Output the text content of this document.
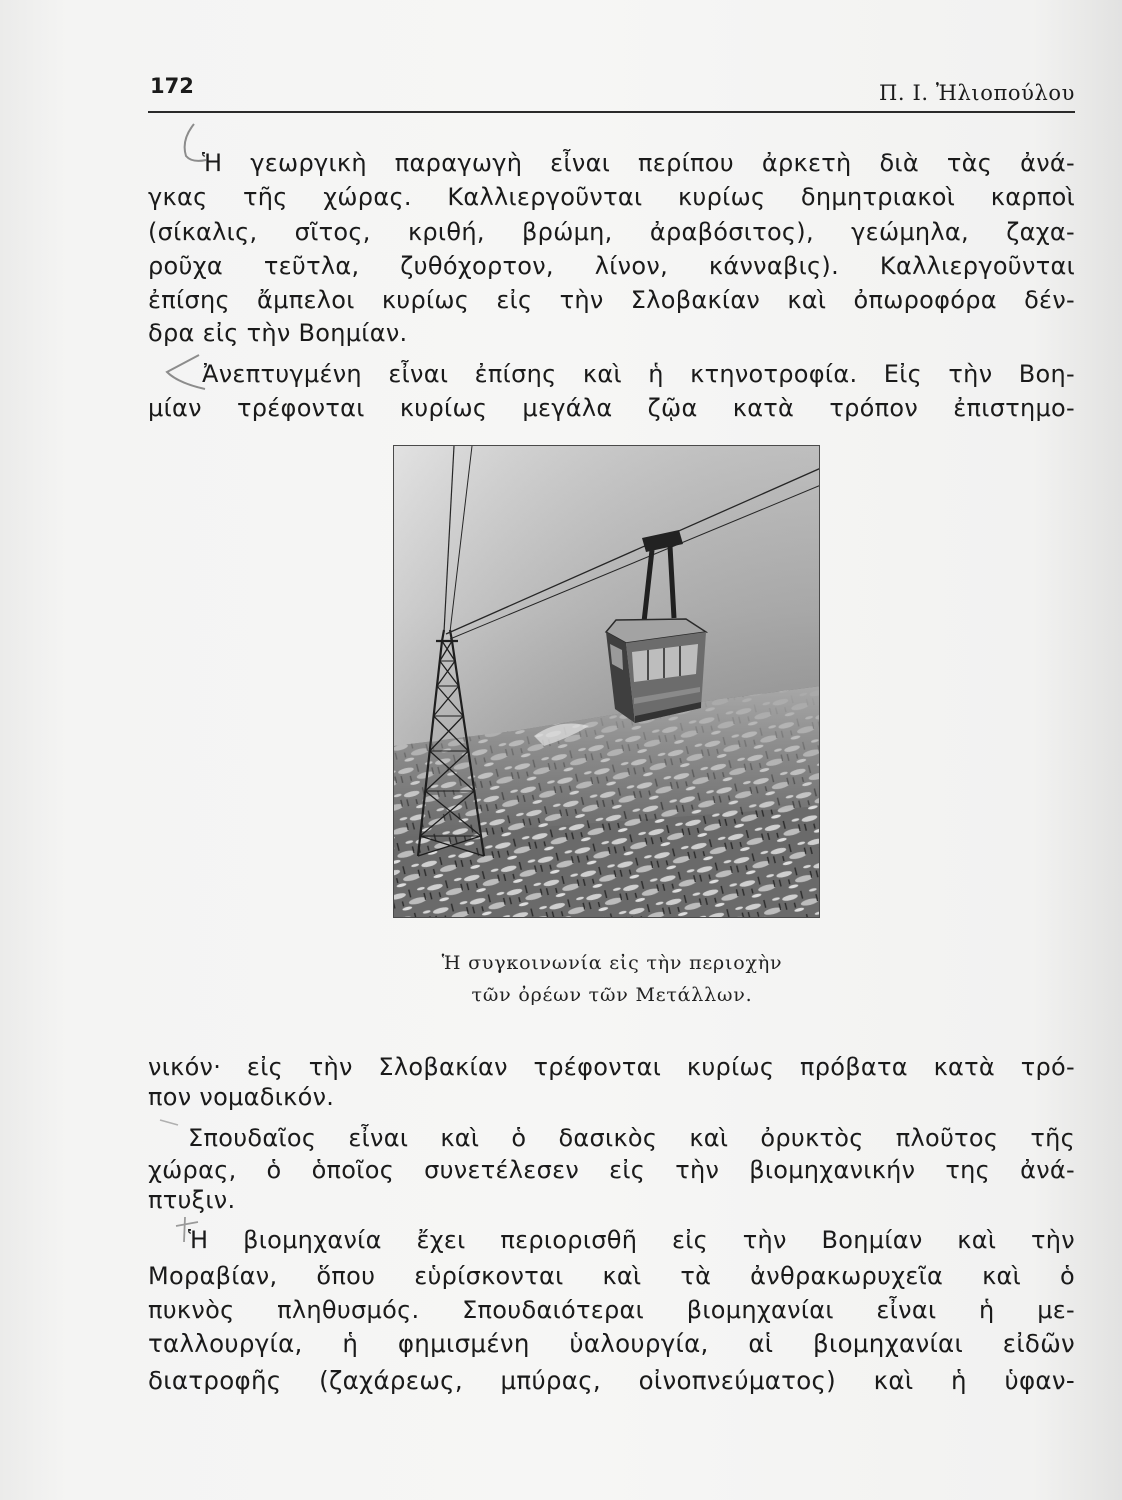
172	Π. Ι. Ἠλιοπούλου
Ἡ γεωργικὴ παραγωγὴ εἶναι περίπου ἀρκετὴ διὰ τὰς ἀνά-
γκας τῆς χώρας. Καλλιεργοῦνται κυρίως δημητριακοὶ καρποὶ
(σίκαλις, σῖτος, κριθή, βρώμη, ἀραβόσιτος), γεώμηλα, ζαχα-
ροῦχα τεῦτλα, ζυθόχορτον, λίνον, κάνναβις). Καλλιεργοῦνται
ἐπίσης ἄμπελοι κυρίως εἰς τὴν Σλοβακίαν καὶ ὀπωροφόρα δέν-
δρα εἰς τὴν Βοημίαν.
Ἀνεπτυγμένη εἶναι ἐπίσης καὶ ἡ κτηνοτροφία. Εἰς τὴν Βοη-
μίαν τρέφονται κυρίως μεγάλα ζῷα κατὰ τρόπον ἐπιστημο-
Ἡ συγκοινωνία εἰς τὴν περιοχὴν
τῶν ὀρέων τῶν Μετάλλων.
νικόν· εἰς τὴν Σλοβακίαν τρέφονται κυρίως πρόβατα κατὰ τρό-
πον νομαδικόν.
Σπουδαῖος εἶναι καὶ ὁ δασικὸς καὶ ὀρυκτὸς πλοῦτος τῆς
χώρας, ὁ ὁποῖος συνετέλεσεν εἰς τὴν βιομηχανικήν της ἀνά-
πτυξιν.
Ἡ βιομηχανία ἔχει περιορισθῆ εἰς τὴν Βοημίαν καὶ τὴν
Μοραβίαν, ὅπου εὑρίσκονται καὶ τὰ ἀνθρακωρυχεῖα καὶ ὁ
πυκνὸς πληθυσμός. Σπουδαιότεραι βιομηχανίαι εἶναι ἡ με-
ταλλουργία, ἡ φημισμένη ὑαλουργία, αἱ βιομηχανίαι εἰδῶν
διατροφῆς (ζαχάρεως, μπύρας, οἰνοπνεύματος) καὶ ἡ ὑφαν-
